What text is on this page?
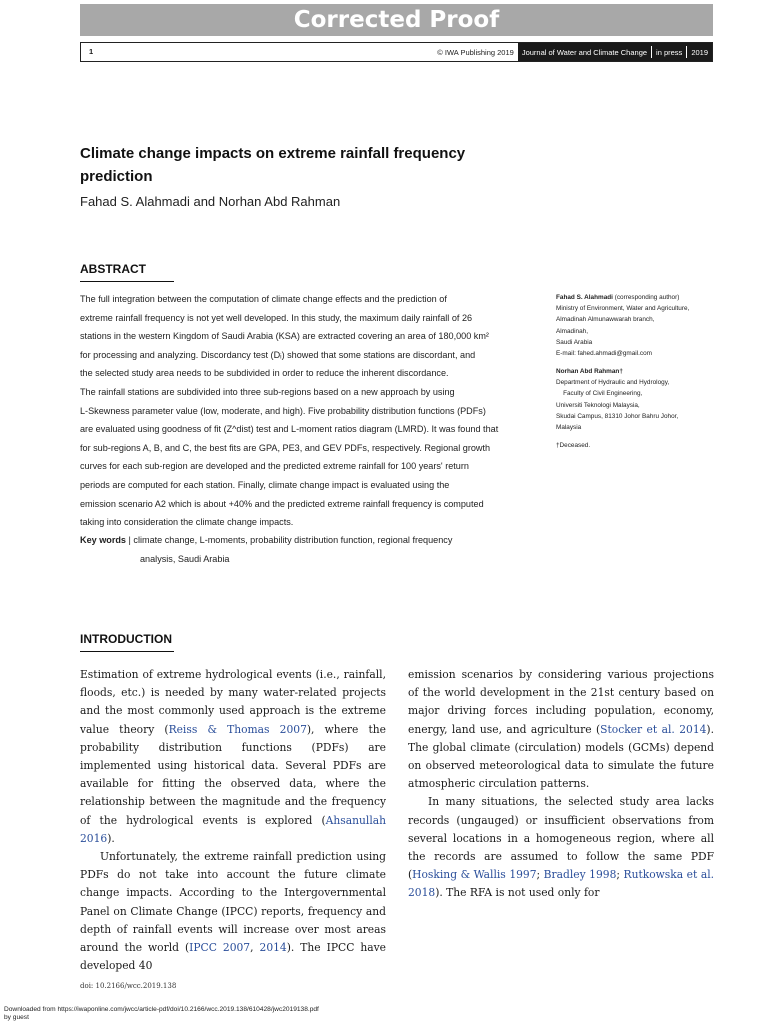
Corrected Proof
1	© IWA Publishing 2019	Journal of Water and Climate Change in press 2019
Climate change impacts on extreme rainfall frequency prediction
Fahad S. Alahmadi and Norhan Abd Rahman
ABSTRACT

The full integration between the computation of climate change effects and the prediction of

extreme rainfall frequency is not yet well developed. In this study, the maximum daily rainfall of 26

stations in the western Kingdom of Saudi Arabia (KSA) are extracted covering an area of 180,000 km²

for processing and analyzing. Discordancy test (Dᵢ) showed that some stations are discordant, and

the selected study area needs to be subdivided in order to reduce the inherent discordance.

The rainfall stations are subdivided into three sub-regions based on a new approach by using

L-Skewness parameter value (low, moderate, and high). Five probability distribution functions (PDFs)

are evaluated using goodness of fit (Z^dist) test and L-moment ratios diagram (LMRD). It was found that

for sub-regions A, B, and C, the best fits are GPA, PE3, and GEV PDFs, respectively. Regional growth

curves for each sub-region are developed and the predicted extreme rainfall for 100 years' return

periods are computed for each station. Finally, climate change impact is evaluated using the

emission scenario A2 which is about +40% and the predicted extreme rainfall frequency is computed

taking into consideration the climate change impacts.

Key words | climate change, L-moments, probability distribution function, regional frequency
analysis, Saudi Arabia
Fahad S. Alahmadi (corresponding author)
Ministry of Environment, Water and Agriculture,
Almadinah Almunawwarah branch,
Almadinah,
Saudi Arabia
E-mail: fahed.ahmadi@gmail.com
Norhan Abd Rahman†
Department of Hydraulic and Hydrology,
Faculty of Civil Engineering,
Universiti Teknologi Malaysia,
Skudai Campus, 81310 Johor Bahru Johor,
Malaysia
†Deceased.
INTRODUCTION

Estimation of extreme hydrological events (i.e., rainfall, floods, etc.) is needed by many water-related projects and the most commonly used approach is the extreme value theory (Reiss & Thomas 2007), where the probability distribution functions (PDFs) are implemented using historical data. Several PDFs are available for fitting the observed data, where the relationship between the magnitude and the frequency of the hydrological events is explored (Ahsanullah 2016).

Unfortunately, the extreme rainfall prediction using PDFs do not take into account the future climate change impacts. According to the Intergovernmental Panel on Climate Change (IPCC) reports, frequency and depth of rainfall events will increase over most areas around the world (IPCC 2007, 2014). The IPCC have developed 40

emission scenarios by considering various projections of the world development in the 21st century based on major driving forces including population, economy, energy, land use, and agriculture (Stocker et al. 2014). The global climate (circulation) models (GCMs) depend on observed meteorological data to simulate the future atmospheric circulation patterns.

In many situations, the selected study area lacks records (ungauged) or insufficient observations from several locations in a homogeneous region, where all the records are assumed to follow the same PDF (Hosking & Wallis 1997; Bradley 1998; Rutkowska et al. 2018). The RFA is not used only for

doi: 10.2166/wcc.2019.138
Downloaded from https://iwaponline.com/jwcc/article-pdf/doi/10.2166/wcc.2019.138/610428/jwc2019138.pdf
by guest
